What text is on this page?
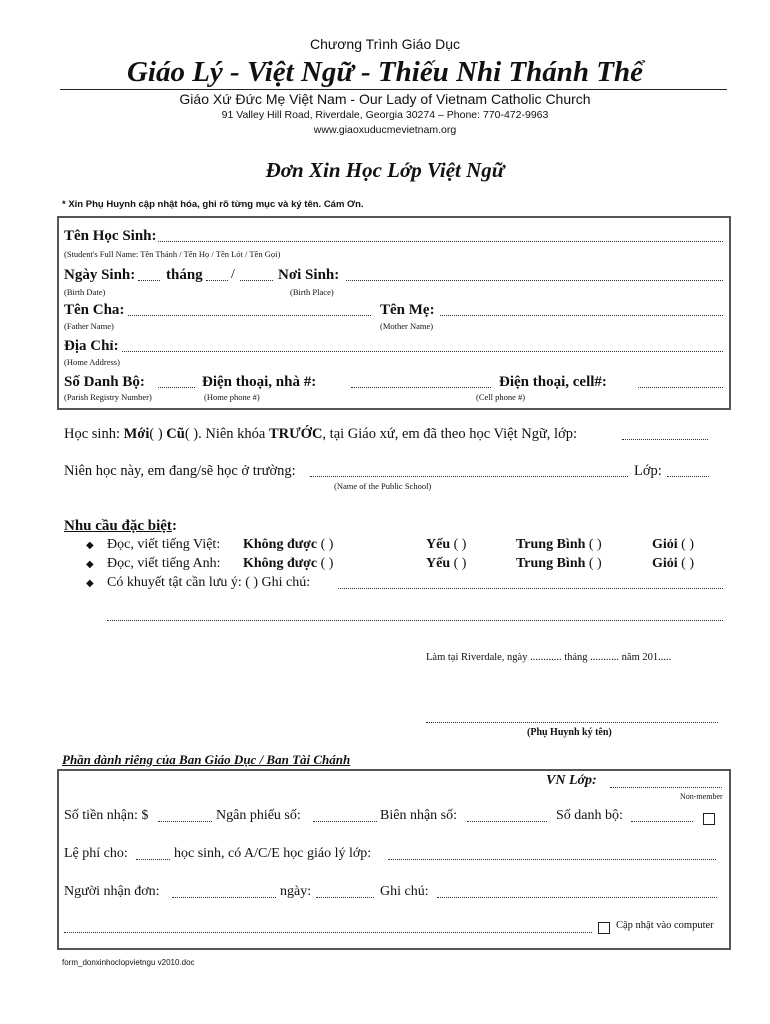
Chương Trình Giáo Dục
Giáo Lý - Việt Ngữ - Thiếu Nhi Thánh Thể
Giáo Xứ Đức Mẹ Việt Nam - Our Lady of Vietnam Catholic Church
91 Valley Hill Road, Riverdale, Georgia 30274 – Phone: 770-472-9963
www.giaoxuducmevietnam.org
Đơn Xin Học Lớp Việt Ngữ
* Xin Phụ Huynh cập nhật hóa, ghi rõ từng mục và ký tên. Cám Ơn.
Tên Học Sinh:
(Student's Full Name: Tên Thánh / Tên Họ / Tên Lót / Tên Gọi)
Ngày Sinh: tháng /	Nơi Sinh:
(Birth Date)	(Birth Place)
Tên Cha:	Tên Mẹ:
(Father Name)	(Mother Name)
Địa Chỉ:
(Home Address)
Số Danh Bộ:	Điện thoại, nhà #:	Điện thoại, cell#:
(Parish Registry Number)	(Home phone #)	(Cell phone #)
Học sinh: Mới( ) Cũ( ). Niên khóa TRƯỚC, tại Giáo xứ, em đã theo học Việt Ngữ, lớp:
Niên học này, em đang/sẽ học ở trường:	Lớp:
(Name of the Public School)
Nhu cầu đặc biệt:
◆ Đọc, viết tiếng Việt: Không được ( )	Yếu ( )	Trung Bình ( )	Giỏi ( )
◆ Đọc, viết tiếng Anh: Không được ( )	Yếu ( )	Trung Bình ( )	Giỏi ( )
◆ Có khuyết tật cần lưu ý: ( ) Ghi chú:
Làm tại Riverdale, ngày ............ tháng ........... năm 201.....
(Phụ Huynh ký tên)
Phần dành riêng của Ban Giáo Dục / Ban Tài Chánh
VN Lớp:
Non-member
Số tiền nhận: $	Ngân phiếu số:	Biên nhận số:	Số danh bộ:
Lệ phí cho:	học sinh, có A/C/E học giáo lý lớp:
Người nhận đơn:	ngày:	Ghi chú:
Cập nhật vào computer
form_donxinhoclopvietngu v2010.doc
